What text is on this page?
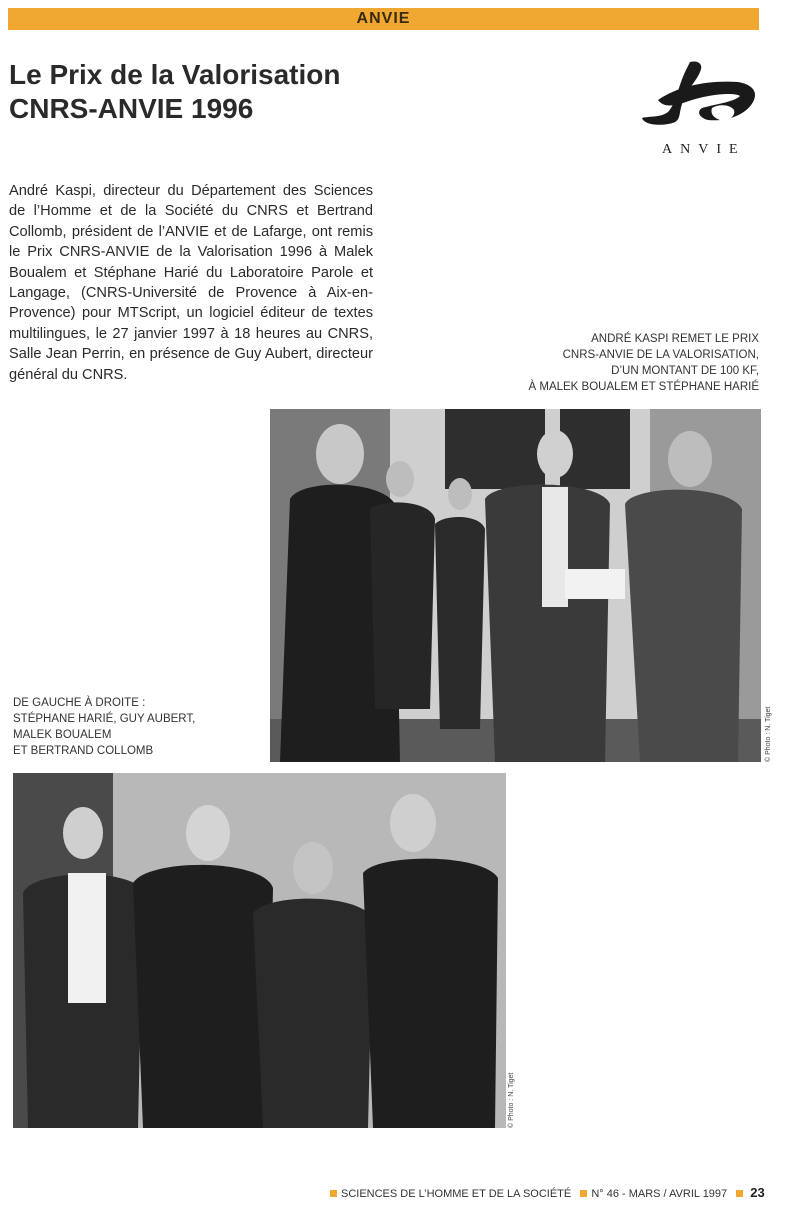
ANVIE
Le Prix de la Valorisation
CNRS-ANVIE 1996
ANVIE

André Kaspi, directeur du Département des Sciences de l’Homme et de la Société du CNRS et Bertrand Collomb, président de l’ANVIE et de Lafarge, ont remis le Prix CNRS-ANVIE de la Valorisation 1996 à Malek Boualem et Stéphane Harié du Laboratoire Parole et Langage, (CNRS-Université de Provence à Aix-en-Provence) pour MTScript, un logiciel éditeur de textes multilingues, le 27 janvier 1997 à 18 heures au CNRS, Salle Jean Perrin, en présence de Guy Aubert, directeur général du CNRS.

ANDRÉ KASPI REMET LE PRIX
CNRS-ANVIE DE LA VALORISATION,
D’UN MONTANT DE 100 KF,
À MALEK BOUALEM ET STÉPHANE HARIÉ
© Photo : N. Tiget
DE GAUCHE À DROITE :
STÉPHANE HARIÉ, GUY AUBERT,
MALEK BOUALEM
ET BERTRAND COLLOMB
© Photo : N. Tiget
SCIENCES DE L’HOMME ET DE LA SOCIÉTÉ N° 46 - MARS / AVRIL 1997 23
